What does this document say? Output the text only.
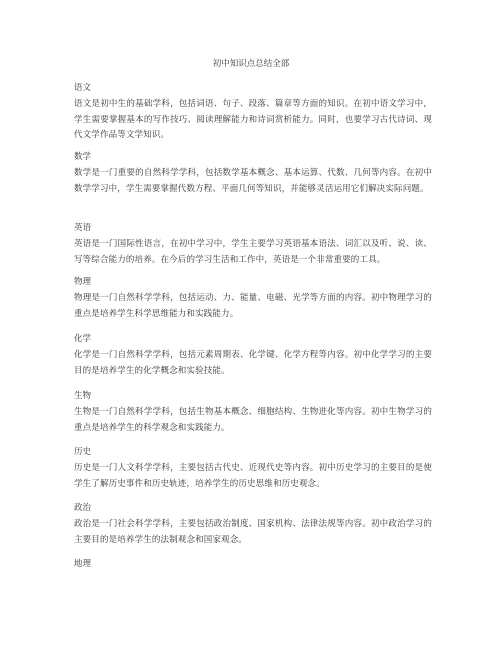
初中知识点总结全部
语文
语文是初中生的基础学科，包括词语、句子、段落、篇章等方面的知识。在初中语文学习中，学生需要掌握基本的写作技巧、阅读理解能力和诗词赏析能力。同时，也要学习古代诗词、现代文学作品等文学知识。
数学
数学是一门重要的自然科学学科，包括数学基本概念、基本运算、代数、几何等内容。在初中数学学习中，学生需要掌握代数方程、平面几何等知识，并能够灵活运用它们解决实际问题。
英语
英语是一门国际性语言，在初中学习中，学生主要学习英语基本语法、词汇以及听、说、读、写等综合能力的培养。在今后的学习生活和工作中，英语是一个非常重要的工具。
物理
物理是一门自然科学学科，包括运动、力、能量、电磁、光学等方面的内容。初中物理学习的重点是培养学生科学思维能力和实践能力。
化学
化学是一门自然科学学科，包括元素周期表、化学键、化学方程等内容。初中化学学习的主要目的是培养学生的化学概念和实验技能。
生物
生物是一门自然科学学科，包括生物基本概念、细胞结构、生物进化等内容。初中生物学习的重点是培养学生的科学观念和实践能力。
历史
历史是一门人文科学学科，主要包括古代史、近现代史等内容。初中历史学习的主要目的是使学生了解历史事件和历史轨迹，培养学生的历史思维和历史观念。
政治
政治是一门社会科学学科，主要包括政治制度、国家机构、法律法规等内容。初中政治学习的主要目的是培养学生的法制观念和国家观念。
地理
